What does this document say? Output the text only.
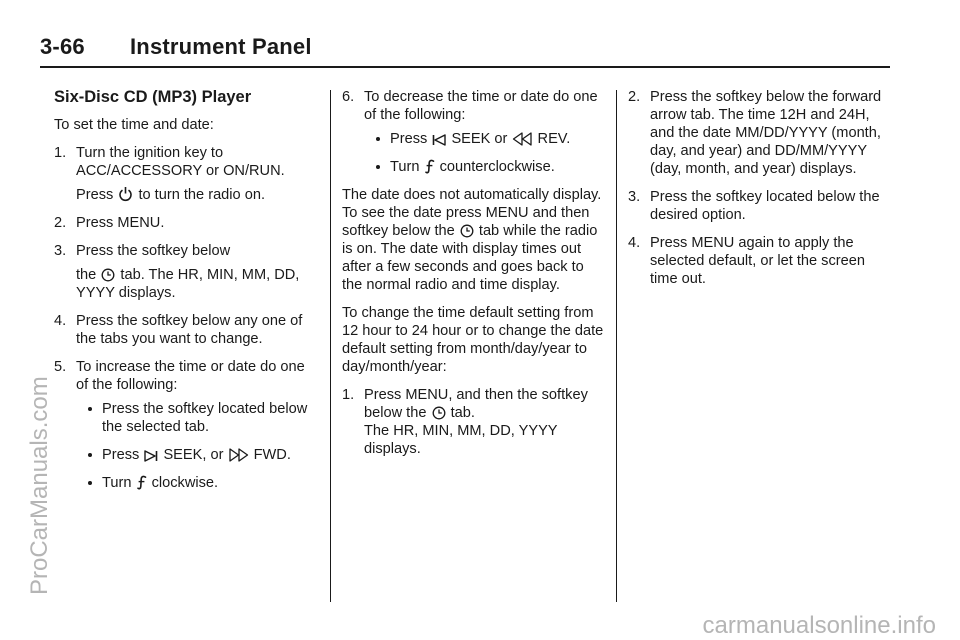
3-66 Instrument Panel
ProCarManuals.com
carmanualsonline.info
Six-Disc CD (MP3) Player

To set the time and date:

1. Turn the ignition key to ACC/ACCESSORY or ON/RUN.
Press to turn the radio on.
2. Press MENU.
3. Press the softkey below
the tab. The HR, MIN, MM, DD, YYYY displays.
4. Press the softkey below any one of the tabs you want to change.
5. To increase the time or date do one of the following:
Press the softkey located below the selected tab.
Press SEEK, or FWD.
Turn clockwise.
6. To decrease the time or date do one of the following:
Press SEEK or REV.
Turn counterclockwise.

The date does not automatically display. To see the date press MENU and then softkey below the tab while the radio is on. The date with display times out after a few seconds and goes back to the normal radio and time display.

To change the time default setting from 12 hour to 24 hour or to change the date default setting from month/day/year to day/month/year:

1. Press MENU, and then the softkey below the tab.
The HR, MIN, MM, DD, YYYY displays.
2. Press the softkey below the forward arrow tab. The time 12H and 24H, and the date MM/DD/YYYY (month, day, and year) and DD/MM/YYYY (day, month, and year) displays.
3. Press the softkey located below the desired option.
4. Press MENU again to apply the selected default, or let the screen time out.
